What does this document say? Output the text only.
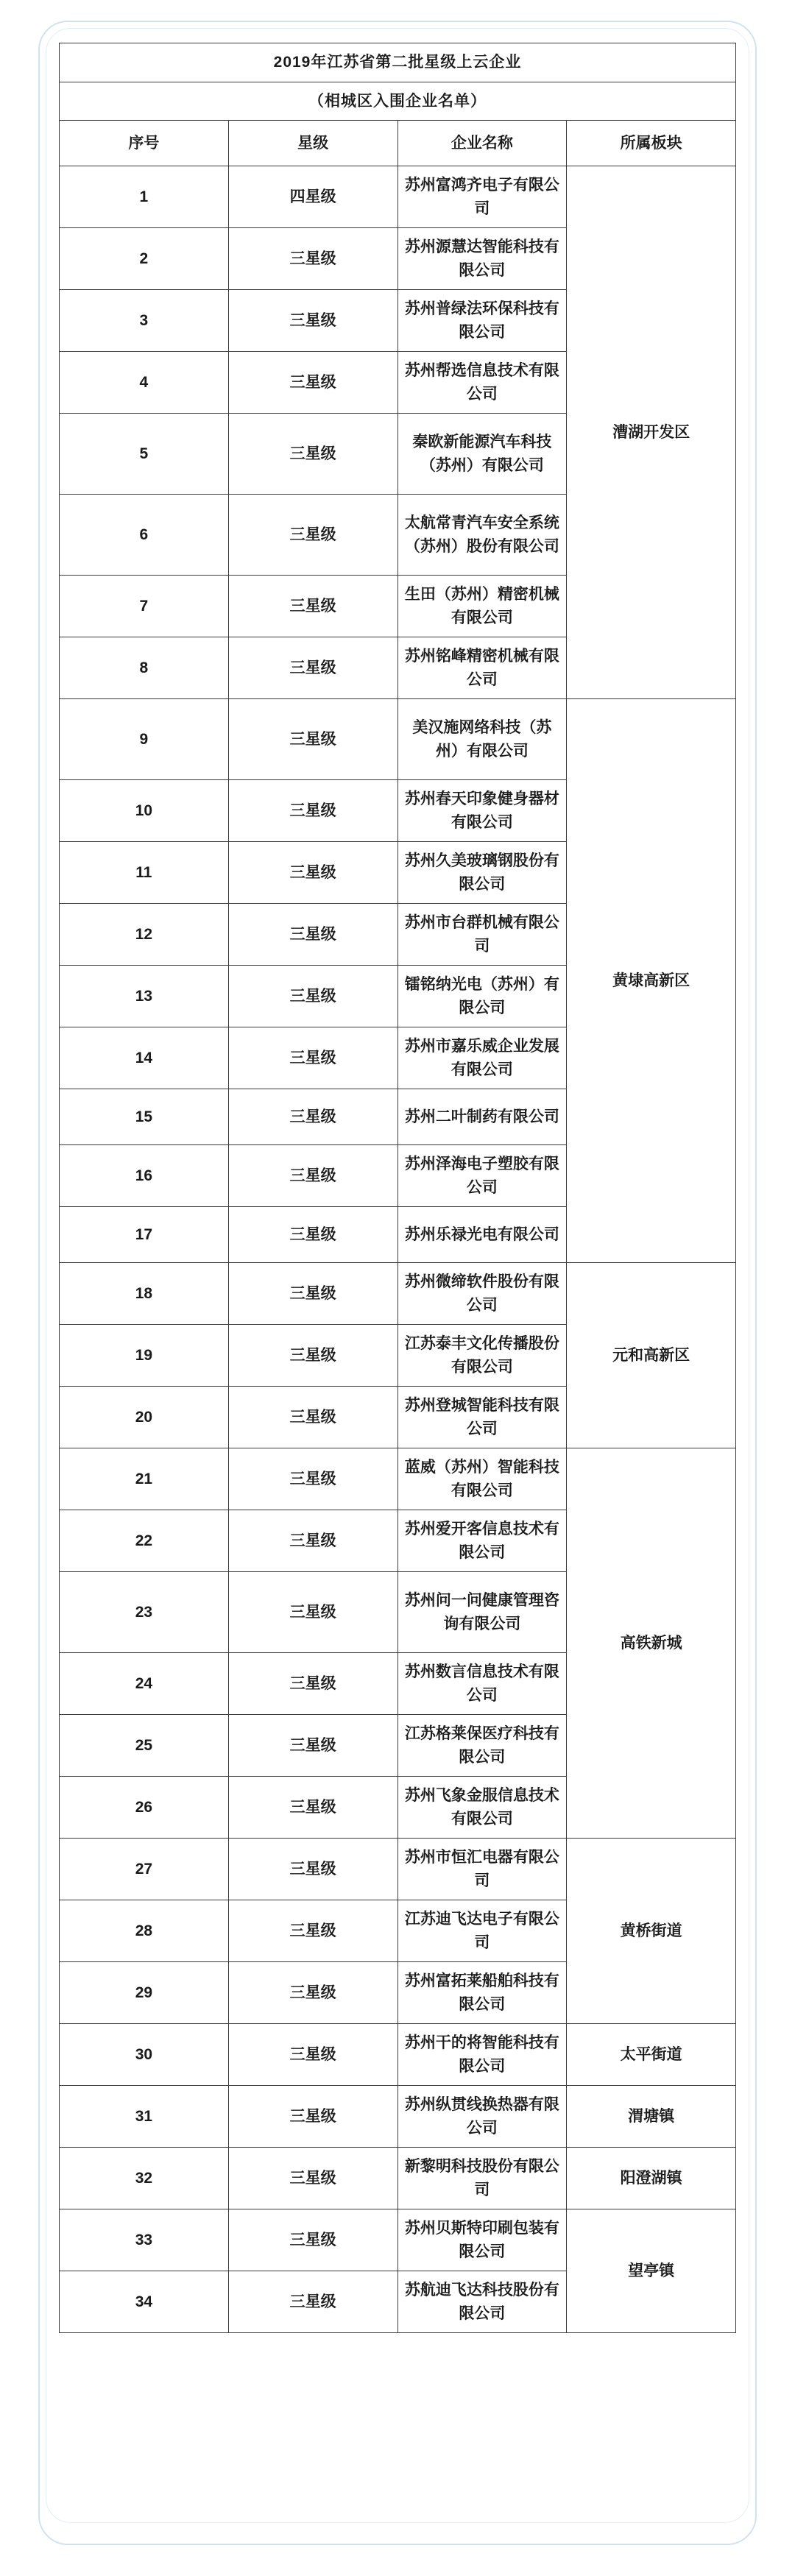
2019年江苏省第二批星级上云企业			
（相城区入围企业名单）			
序号	星级	企业名称	所属板块
1	四星级	苏州富鸿齐电子有限公司	漕湖开发区
2	三星级	苏州源慧达智能科技有限公司	
3	三星级	苏州普绿法环保科技有限公司	
4	三星级	苏州帮选信息技术有限公司	
5	三星级	秦欧新能源汽车科技（苏州）有限公司	
6	三星级	太航常青汽车安全系统（苏州）股份有限公司	
7	三星级	生田（苏州）精密机械有限公司	
8	三星级	苏州铭峰精密机械有限公司	
9	三星级	美汉施网络科技（苏州）有限公司	黄埭高新区
10	三星级	苏州春天印象健身器材有限公司	
11	三星级	苏州久美玻璃钢股份有限公司	
12	三星级	苏州市台群机械有限公司	
13	三星级	镭铭纳光电（苏州）有限公司	
14	三星级	苏州市嘉乐威企业发展有限公司	
15	三星级	苏州二叶制药有限公司	
16	三星级	苏州泽海电子塑胶有限公司	
17	三星级	苏州乐禄光电有限公司	
18	三星级	苏州微缔软件股份有限公司	元和高新区
19	三星级	江苏泰丰文化传播股份有限公司	
20	三星级	苏州登城智能科技有限公司	
21	三星级	蓝威（苏州）智能科技有限公司	高铁新城
22	三星级	苏州爱开客信息技术有限公司	
23	三星级	苏州问一问健康管理咨询有限公司	
24	三星级	苏州数言信息技术有限公司	
25	三星级	江苏格莱保医疗科技有限公司	
26	三星级	苏州飞象金服信息技术有限公司	
27	三星级	苏州市恒汇电器有限公司	黄桥街道
28	三星级	江苏迪飞达电子有限公司	
29	三星级	苏州富拓莱船舶科技有限公司	
30	三星级	苏州干的将智能科技有限公司	太平街道
31	三星级	苏州纵贯线换热器有限公司	渭塘镇
32	三星级	新黎明科技股份有限公司	阳澄湖镇
33	三星级	苏州贝斯特印刷包装有限公司	望亭镇
34	三星级	苏航迪飞达科技股份有限公司	
